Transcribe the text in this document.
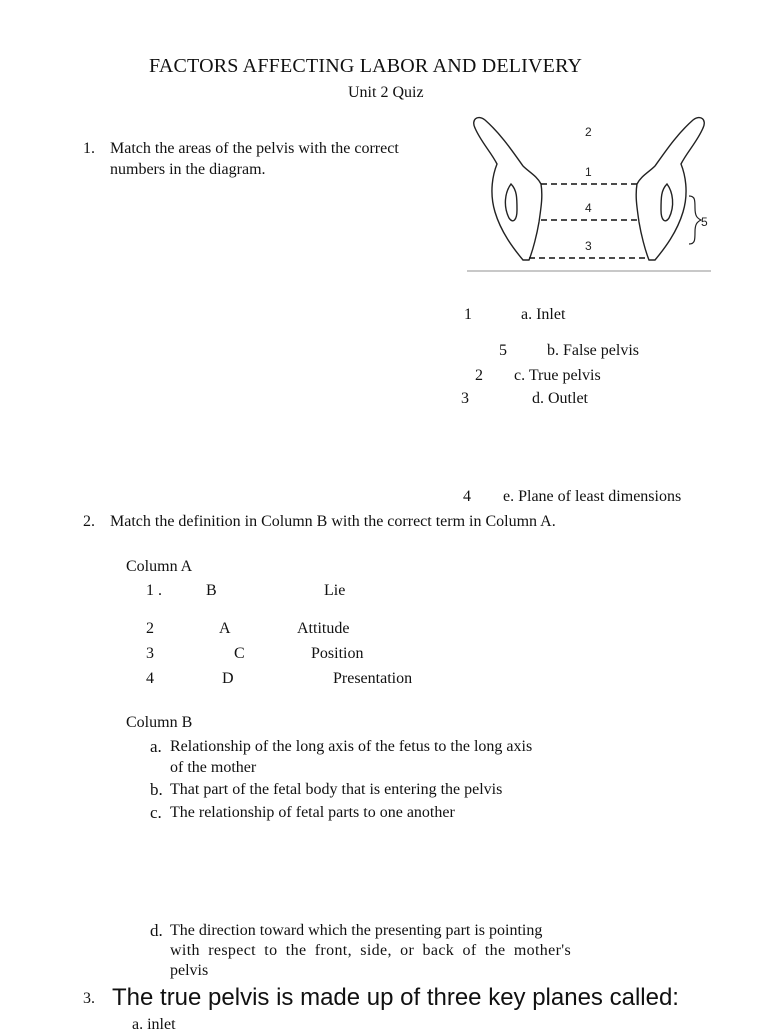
FACTORS AFFECTING LABOR AND DELIVERY
Unit 2 Quiz
1. Match the areas of the pelvis with the correct
numbers in the diagram.
2
1
4
3
5
1	a. Inlet
5	b. False pelvis
2 c. True pelvis
3	d. Outlet
4 e. Plane of least dimensions
2. Match the definition in Column B with the correct term in Column A.
Column A
1 .	B	Lie
2	A	Attitude
3	C	Position
4	D	Presentation
Column B
a. Relationship of the long axis of the fetus to the long axis
of the mother
b. That part of the fetal body that is entering the pelvis
c. The relationship of fetal parts to one another
d. The direction toward which the presenting part is pointing
with respect to the front, side, or back of the mother's
pelvis
3. The true pelvis is made up of three key planes called:
a. inlet
